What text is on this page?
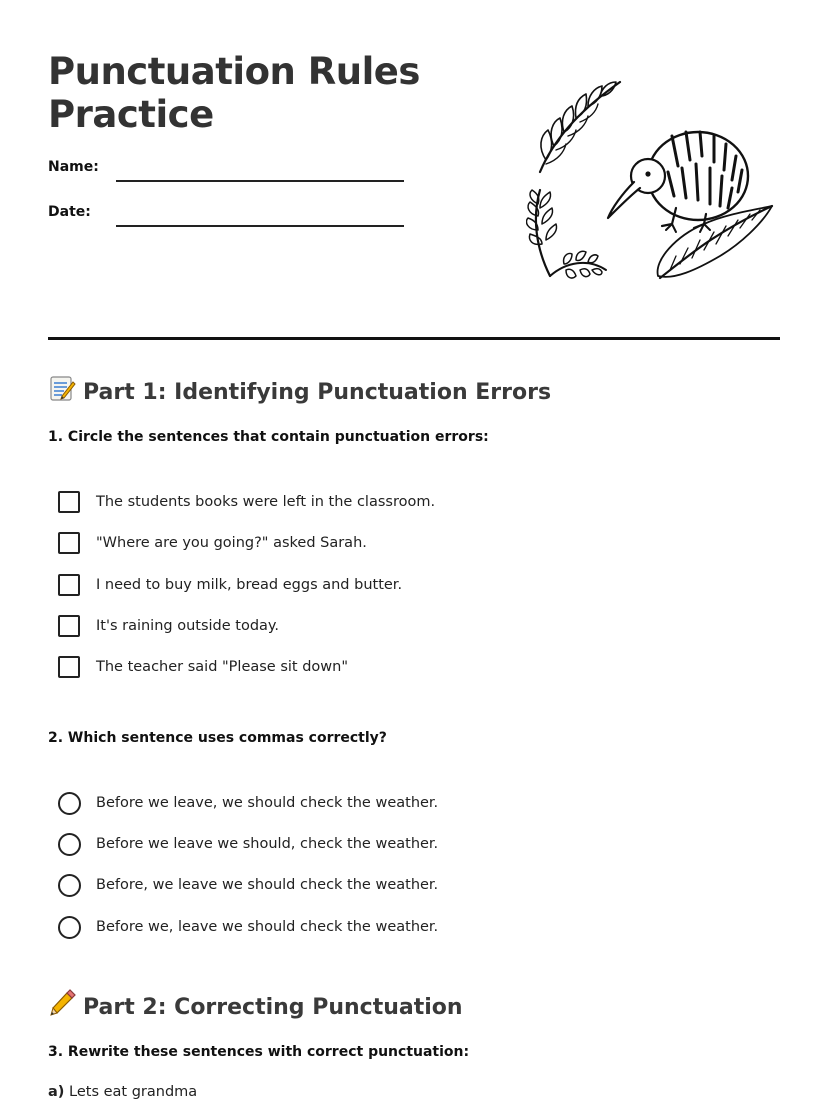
Punctuation Rules
Practice
Name:
Date:
Part 1: Identifying Punctuation Errors
1. Circle the sentences that contain punctuation errors:
The students books were left in the classroom.
"Where are you going?" asked Sarah.
I need to buy milk, bread eggs and butter.
It's raining outside today.
The teacher said "Please sit down"
2. Which sentence uses commas correctly?
Before we leave, we should check the weather.
Before we leave we should, check the weather.
Before, we leave we should check the weather.
Before we, leave we should check the weather.
Part 2: Correcting Punctuation
3. Rewrite these sentences with correct punctuation:
a) Lets eat grandma
